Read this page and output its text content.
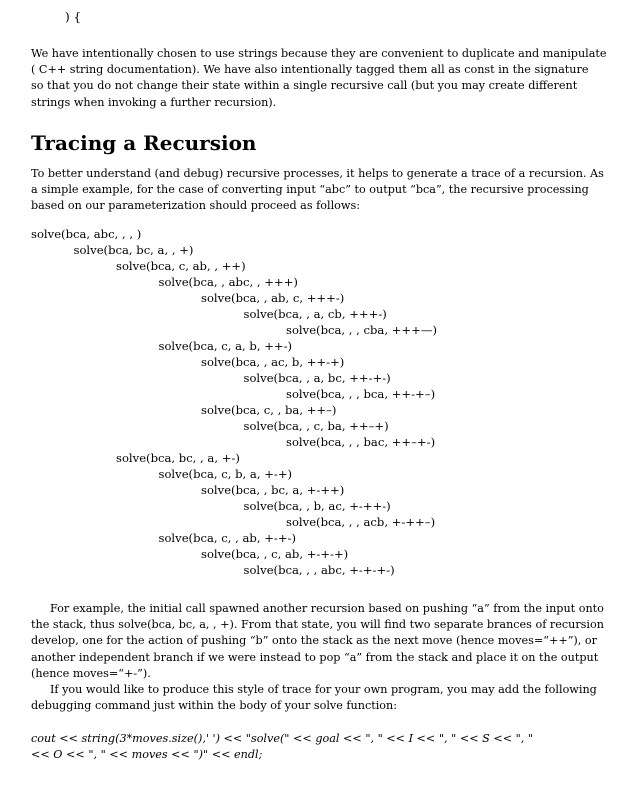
) {
We have intentionally chosen to use strings because they are convenient to duplicate and manipulate
( C++ string documentation). We have also intentionally tagged them all as const in the signature
so that you do not change their state within a single recursive call (but you may create different
strings when invoking a further recursion).
Tracing a Recursion
To better understand (and debug) recursive processes, it helps to generate a trace of a recursion. As
a simple example, for the case of converting input “abc” to output “bca”, the recursive processing
based on our parameterization should proceed as follows:
solve(bca, abc, , , )
solve(bca, bc, a, , +)
solve(bca, c, ab, , ++)
solve(bca, , abc, , +++)
solve(bca, , ab, c, +++-)
solve(bca, , a, cb, +++-)
solve(bca, , , cba, +++—)
solve(bca, c, a, b, ++-)
solve(bca, , ac, b, ++-+)
solve(bca, , a, bc, ++-+-)
solve(bca, , , bca, ++-+–)
solve(bca, c, , ba, ++–)
solve(bca, , c, ba, ++–+)
solve(bca, , , bac, ++–+-)
solve(bca, bc, , a, +-)
solve(bca, c, b, a, +-+)
solve(bca, , bc, a, +-++)
solve(bca, , b, ac, +-++-)
solve(bca, , , acb, +-++–)
solve(bca, c, , ab, +-+-)
solve(bca, , c, ab, +-+-+)
solve(bca, , , abc, +-+-+-)
For example, the initial call spawned another recursion based on pushing “a” from the input onto
the stack, thus solve(bca, bc, a, , +). From that state, you will find two separate brances of recursion
develop, one for the action of pushing “b” onto the stack as the next move (hence moves=“++”), or
another independent branch if we were instead to pop “a” from the stack and place it on the output
(hence moves=“+-”).
If you would like to produce this style of trace for your own program, you may add the following
debugging command just within the body of your solve function:
cout << string(3*moves.size(),' ') << "solve(" << goal << ", " << I << ", " << S << ", "
<< O << ", " << moves << ")" << endl;
